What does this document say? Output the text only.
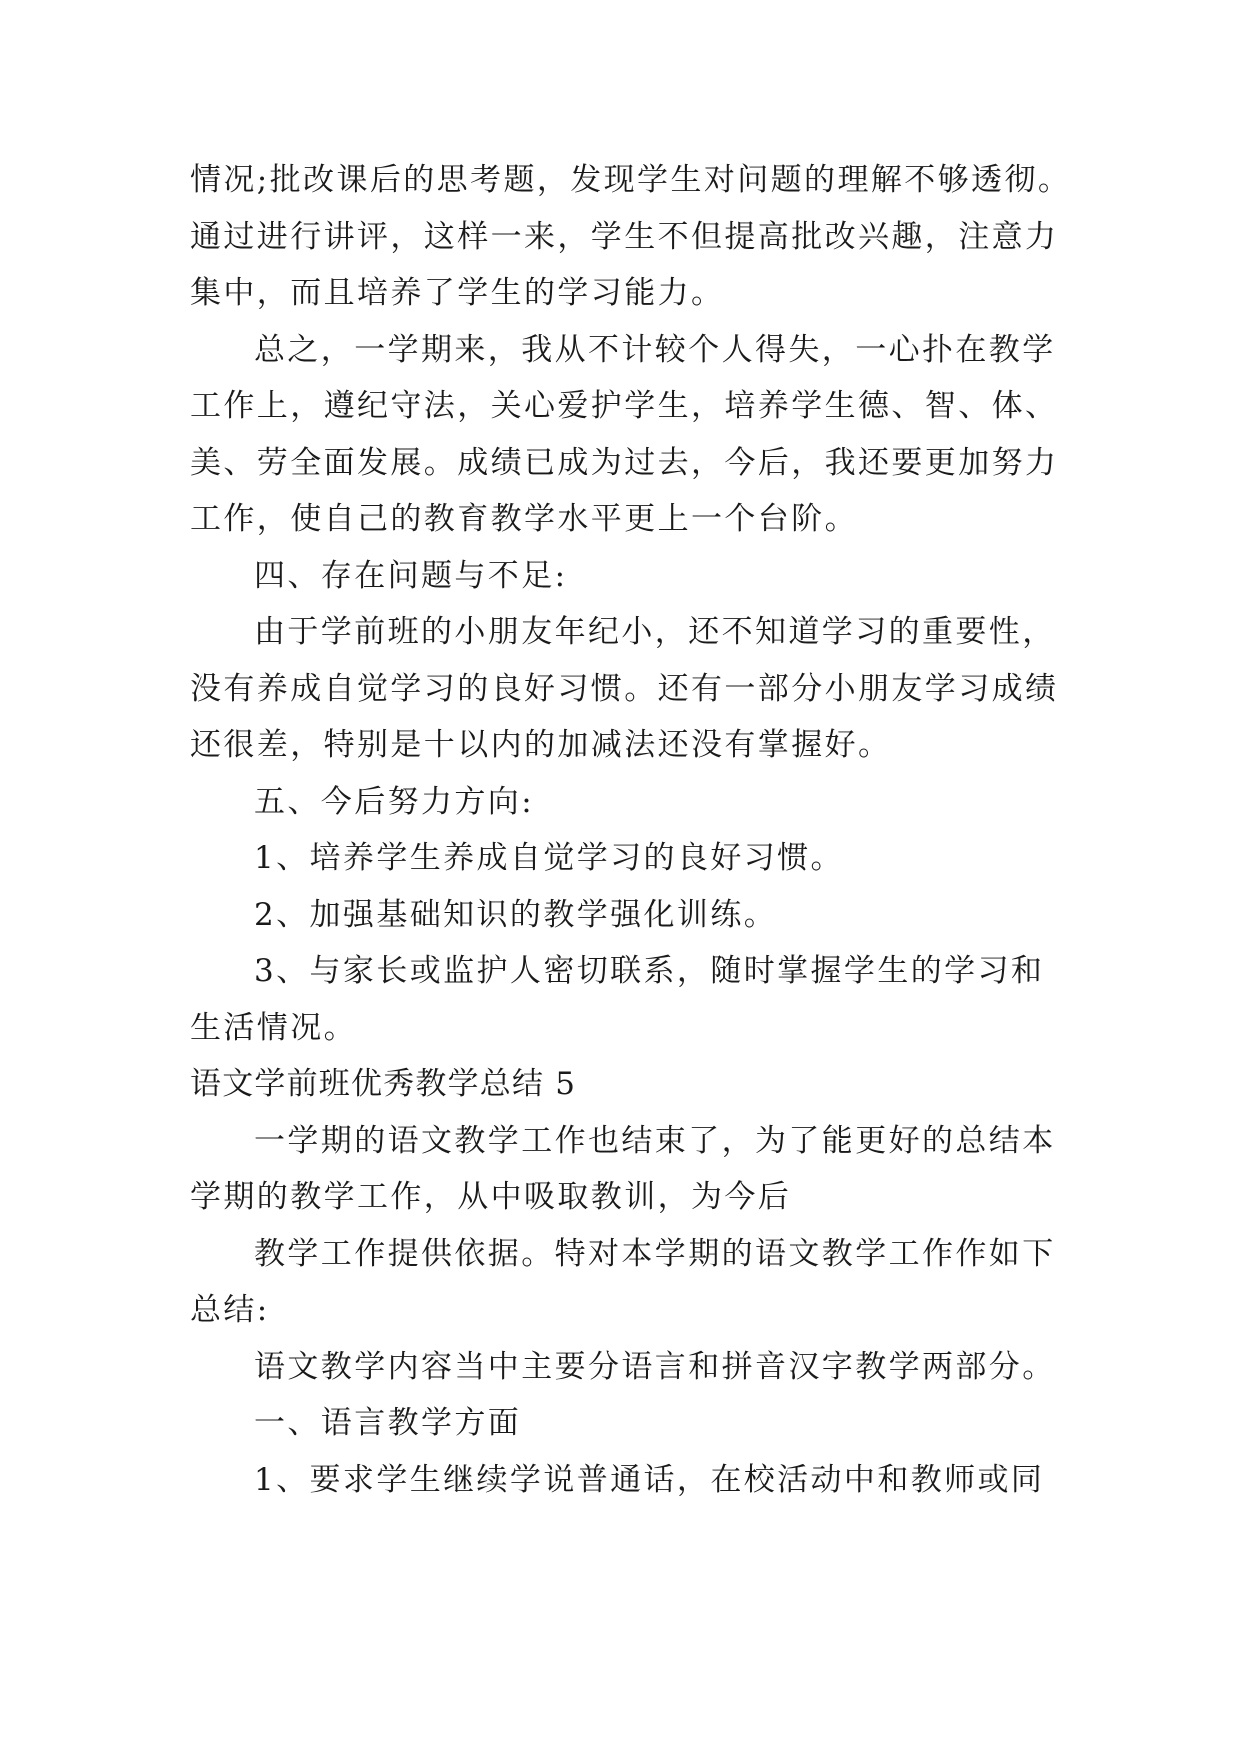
情况;批改课后的思考题，发现学生对问题的理解不够透彻。
通过进行讲评，这样一来，学生不但提高批改兴趣，注意力
集中，而且培养了学生的学习能力。
总之，一学期来，我从不计较个人得失，一心扑在教学
工作上，遵纪守法，关心爱护学生，培养学生德、智、体、
美、劳全面发展。成绩已成为过去，今后，我还要更加努力
工作，使自己的教育教学水平更上一个台阶。
四、存在问题与不足:
由于学前班的小朋友年纪小，还不知道学习的重要性，
没有养成自觉学习的良好习惯。还有一部分小朋友学习成绩
还很差，特别是十以内的加减法还没有掌握好。
五、今后努力方向:
1、培养学生养成自觉学习的良好习惯。
2、加强基础知识的教学强化训练。
3、与家长或监护人密切联系，随时掌握学生的学习和
生活情况。
语文学前班优秀教学总结 5
一学期的语文教学工作也结束了，为了能更好的总结本
学期的教学工作，从中吸取教训，为今后
教学工作提供依据。特对本学期的语文教学工作作如下
总结:
语文教学内容当中主要分语言和拼音汉字教学两部分。
一、语言教学方面
1、要求学生继续学说普通话，在校活动中和教师或同
